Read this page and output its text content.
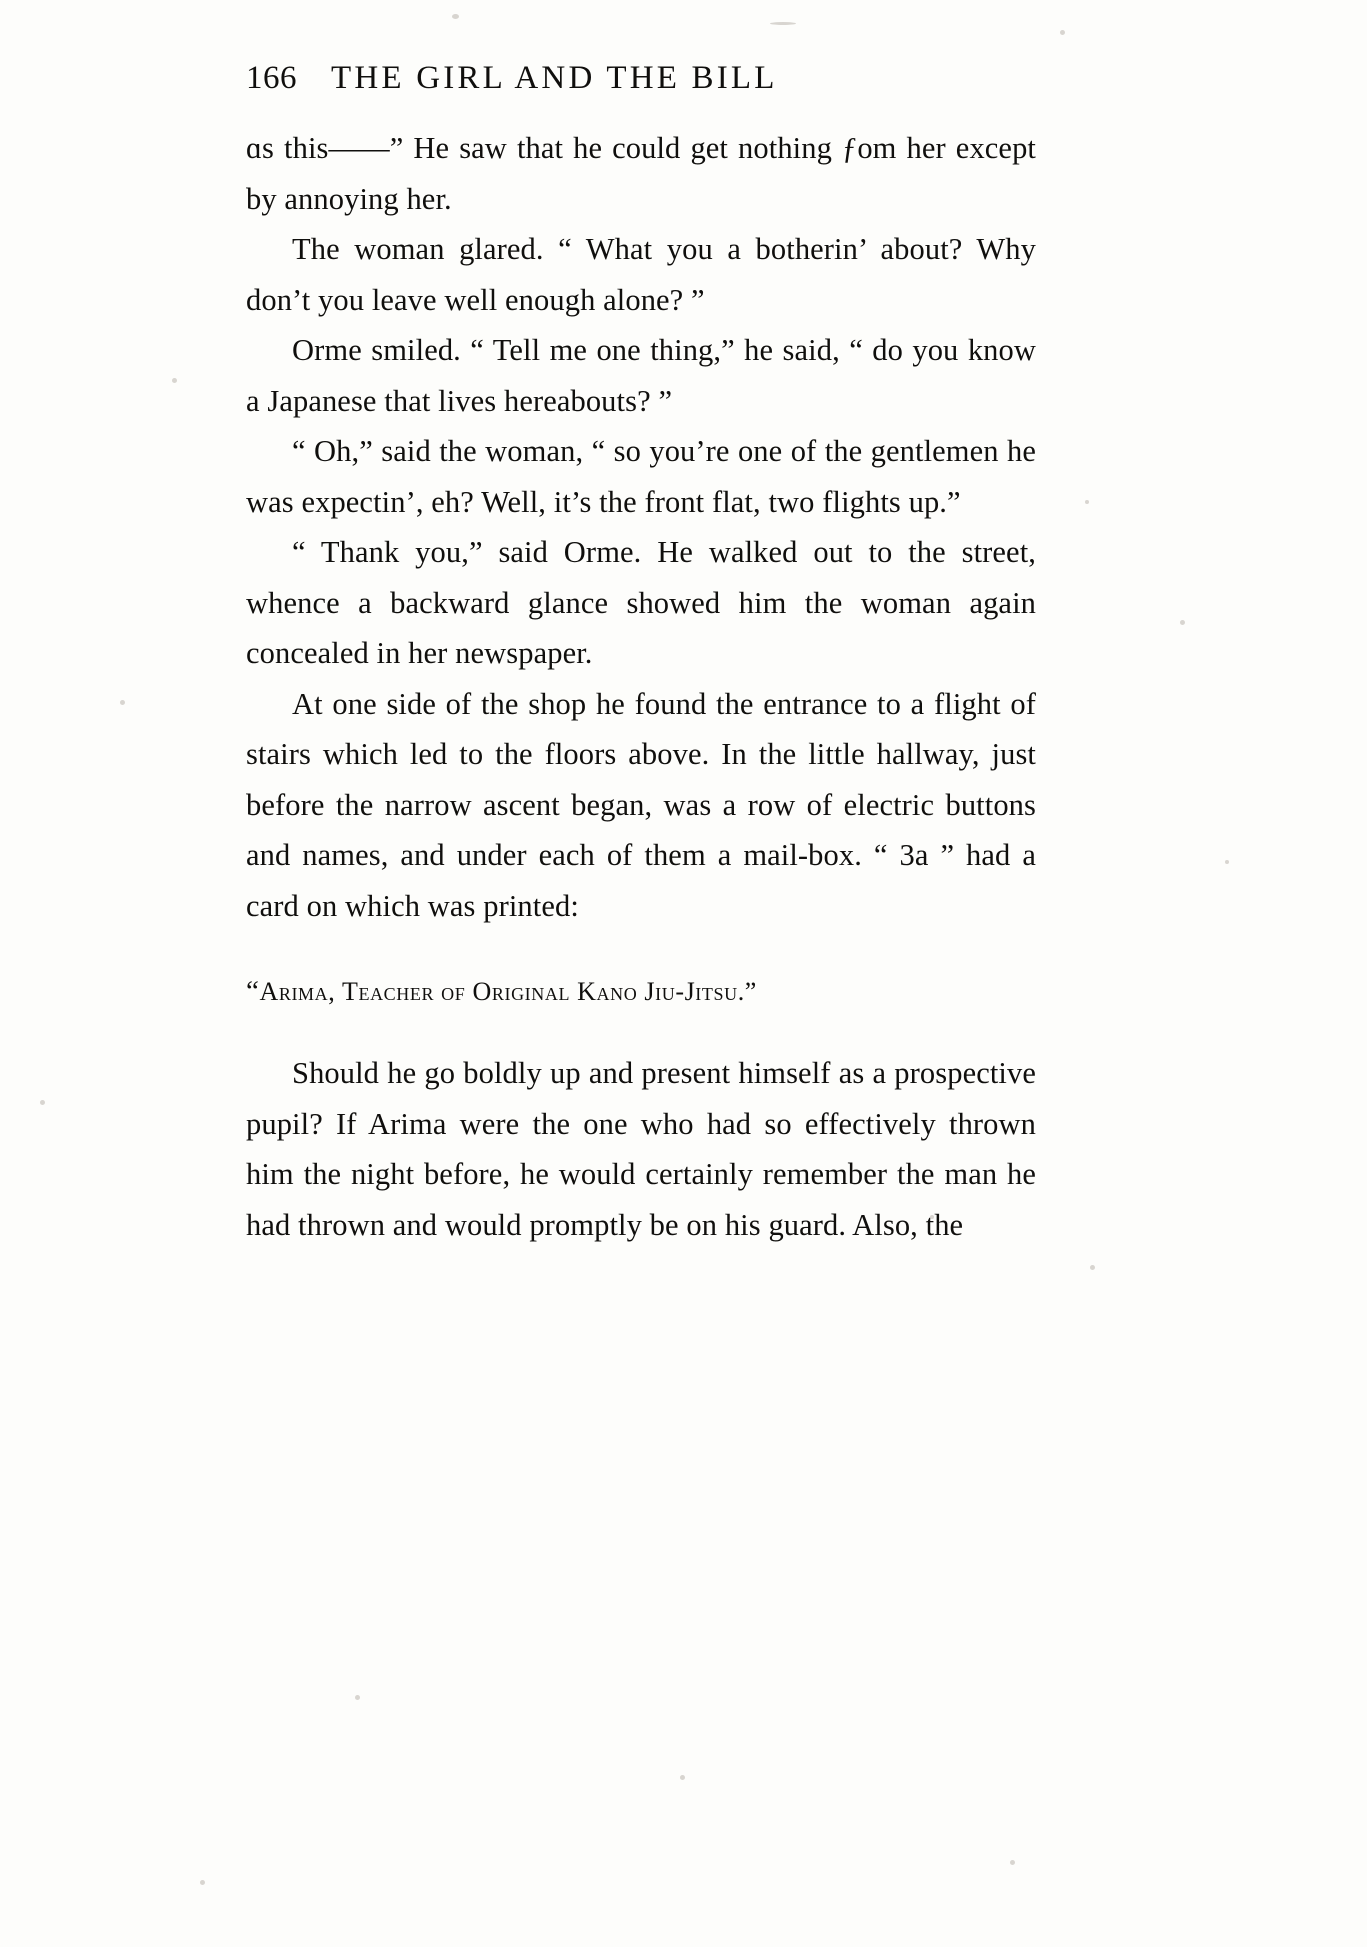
166 THE GIRL AND THE BILL

ɑs this——” He saw that he could get nothing ƒom her except by annoying her.

The woman glared. “ What you a botherin’ about? Why don’t you leave well enough alone? ”

Orme smiled. “ Tell me one thing,” he said, “ do you know a Japanese that lives hereabouts? ”

“ Oh,” said the woman, “ so you’re one of the gentlemen he was expectin’, eh? Well, it’s the front flat, two flights up.”

“ Thank you,” said Orme. He walked out to the street, whence a backward glance showed him the woman again concealed in her newspaper.

At one side of the shop he found the entrance to a flight of stairs which led to the floors above. In the little hallway, just before the narrow ascent began, was a row of electric buttons and names, and under each of them a mail-box. “ 3a ” had a card on which was printed:

“Arima, Teacher of Original Kano Jiu-Jitsu.”

Should he go boldly up and present himself as a prospective pupil? If Arima were the one who had so effectively thrown him the night before, he would certainly remember the man he had thrown and would promptly be on his guard. Also, the
